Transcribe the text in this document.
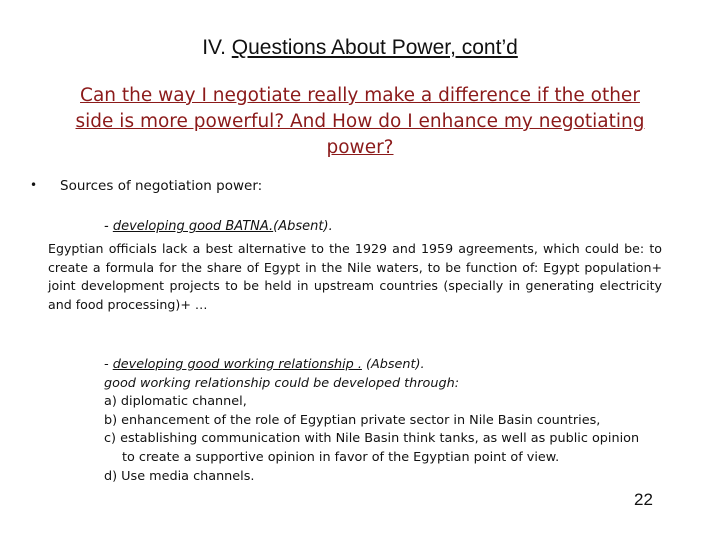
IV. Questions About Power, cont’d
Can the way I negotiate really make a difference if the other
side is more powerful? And How do I enhance my negotiating
power?
• Sources of negotiation power:
- developing good BATNA.(Absent).
Egyptian officials lack a best alternative to the 1929 and 1959 agreements, which could be: to create a formula for the share of Egypt in the Nile waters, to be function of: Egypt population+ joint development projects to be held in upstream countries (specially in generating electricity and food processing)+ …
- developing good working relationship . (Absent).
good working relationship could be developed through:
a) diplomatic channel,
b) enhancement of the role of Egyptian private sector in Nile Basin countries,
c) establishing communication with Nile Basin think tanks, as well as public opinion
to create a supportive opinion in favor of the Egyptian point of view.
d) Use media channels.
22
